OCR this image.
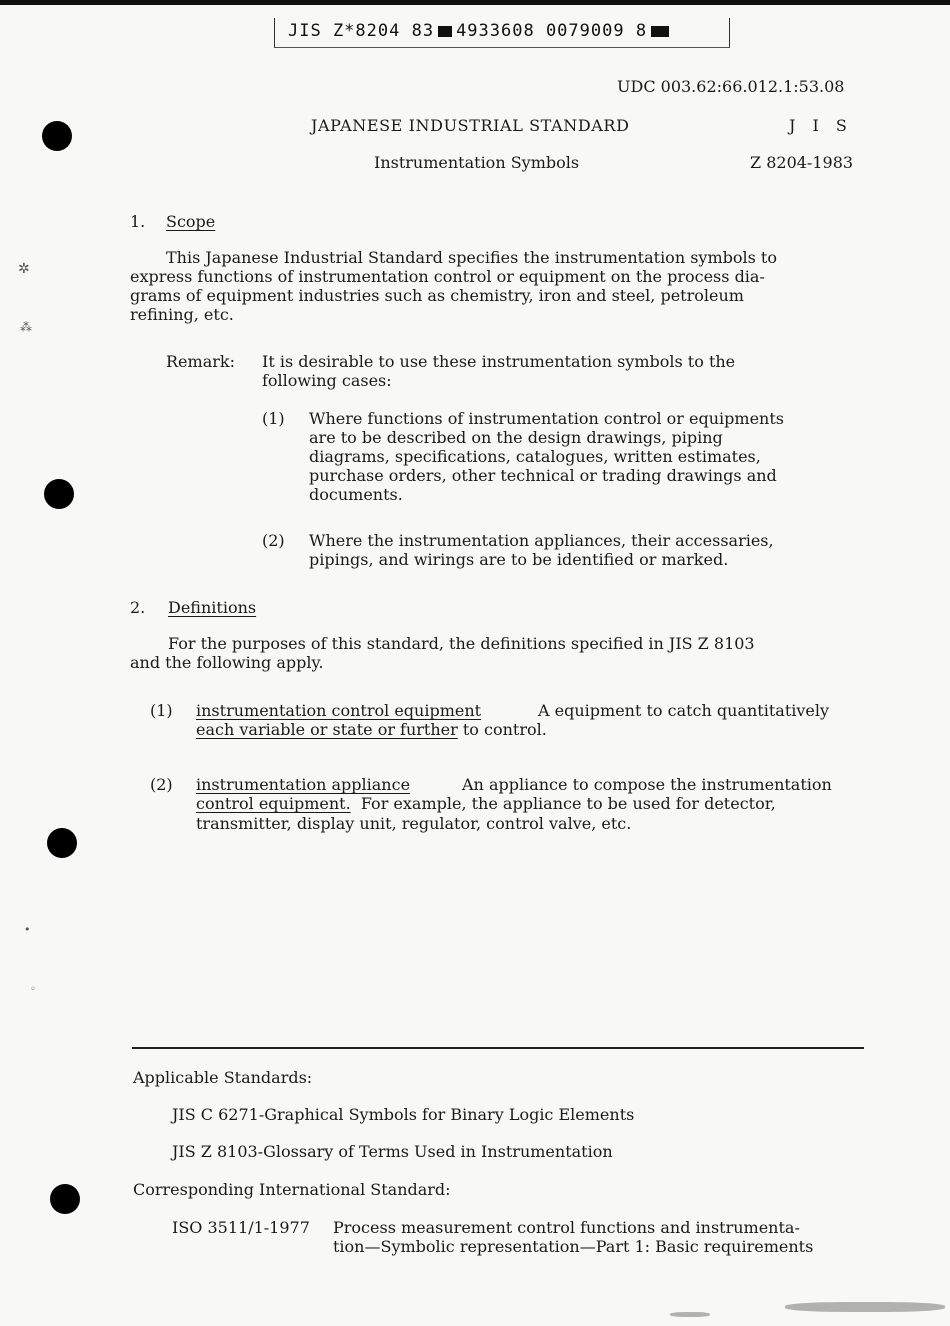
JIS Z*8204 83 4933608 0079009 8
✲
⁂
•
◦
UDC 003.62:66.012.1:53.08
JAPANESE INDUSTRIAL STANDARD	J I S
Instrumentation Symbols	Z 8204-1983
1. Scope
This Japanese Industrial Standard specifies the instrumentation symbols to
express functions of instrumentation control or equipment on the process dia-
grams of equipment industries such as chemistry, iron and steel, petroleum
refining, etc.
Remark: It is desirable to use these instrumentation symbols to the
following cases:
(1) Where functions of instrumentation control or equipments
are to be described on the design drawings, piping
diagrams, specifications, catalogues, written estimates,
purchase orders, other technical or trading drawings and
documents.
(2) Where the instrumentation appliances, their accessaries,
pipings, and wirings are to be identified or marked.
2. Definitions
For the purposes of this standard, the definitions specified in JIS Z 8103
and the following apply.
(1) instrumentation control equipment	A equipment to catch quantitatively
each variable or state or further to control.
(2) instrumentation appliance	An appliance to compose the instrumentation
control equipment.  For example, the appliance to be used for detector,
transmitter, display unit, regulator, control valve, etc.
Applicable Standards:
JIS C 6271-Graphical Symbols for Binary Logic Elements
JIS Z 8103-Glossary of Terms Used in Instrumentation
Corresponding International Standard:
ISO 3511/1-1977 Process measurement control functions and instrumenta-
tion—Symbolic representation—Part 1: Basic requirements
